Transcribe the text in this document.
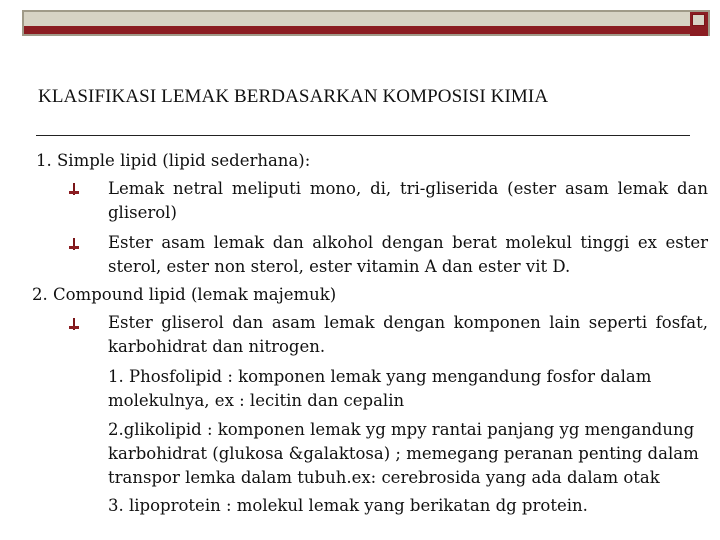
KLASIFIKASI LEMAK BERDASARKAN KOMPOSISI KIMIA
1. Simple lipid (lipid sederhana):
Lemak netral meliputi mono, di, tri-gliserida (ester asam lemak dan
gliserol)
Ester asam lemak dan alkohol dengan berat molekul tinggi ex ester
sterol, ester non sterol, ester vitamin A dan ester vit D.
2. Compound lipid (lemak majemuk)
Ester gliserol dan asam lemak dengan komponen lain seperti fosfat,
karbohidrat dan nitrogen.
1. Phosfolipid : komponen lemak yang mengandung fosfor dalam
molekulnya, ex : lecitin dan cepalin
2.glikolipid : komponen lemak yg mpy rantai panjang yg mengandung
karbohidrat (glukosa &galaktosa) ; memegang peranan penting dalam
transpor lemka dalam tubuh.ex: cerebrosida yang ada dalam otak
3. lipoprotein : molekul lemak yang berikatan dg protein.
